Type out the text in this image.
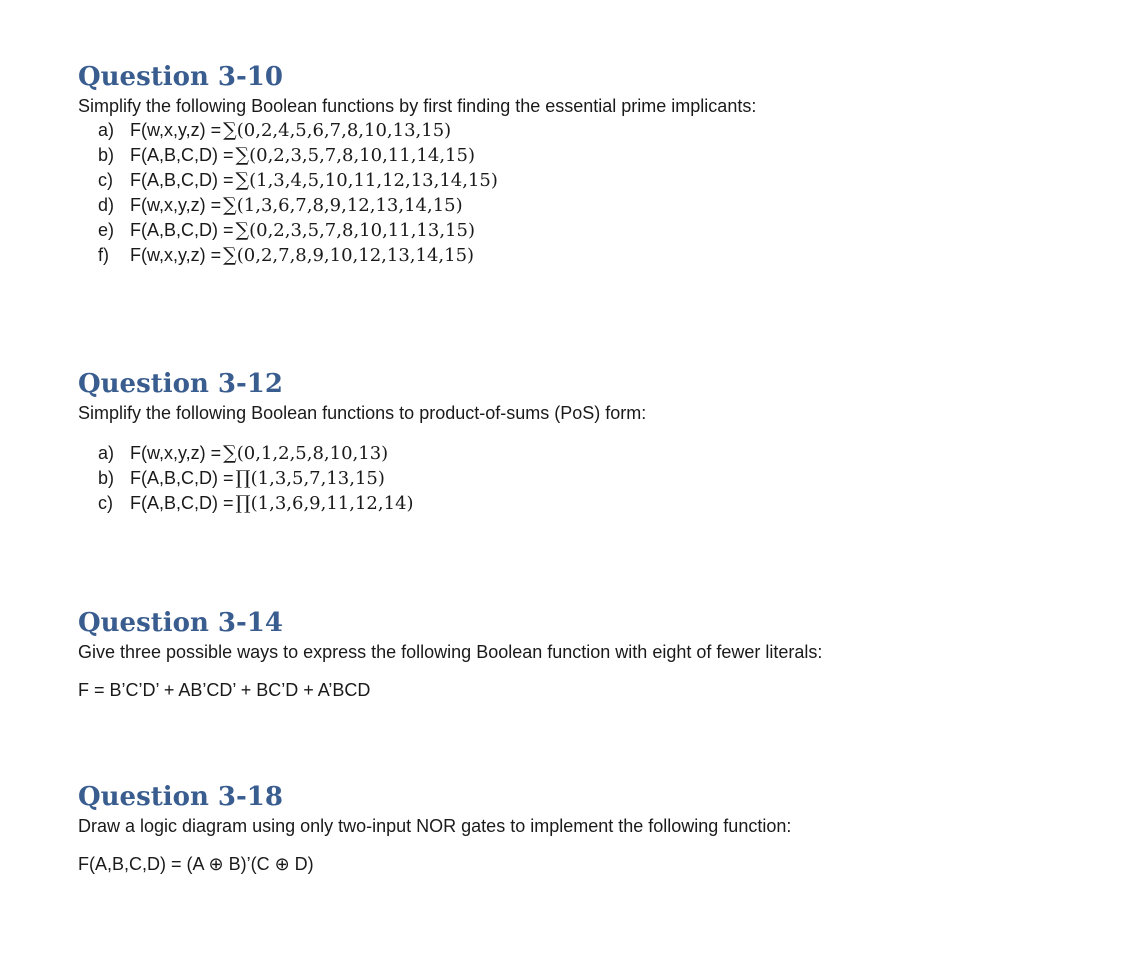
Question 3-10

Simplify the following Boolean functions by first finding the essential prime implicants:

a) F(w,x,y,z) = ∑ (0,2,4,5,6,7,8,10,13,15)
b) F(A,B,C,D) = ∑ (0,2,3,5,7,8,10,11,14,15)
c) F(A,B,C,D) = ∑ (1,3,4,5,10,11,12,13,14,15)
d) F(w,x,y,z) = ∑ (1,3,6,7,8,9,12,13,14,15)
e) F(A,B,C,D) = ∑ (0,2,3,5,7,8,10,11,13,15)
f)	F(w,x,y,z) = ∑ (0,2,7,8,9,10,12,13,14,15)
Question 3-12

Simplify the following Boolean functions to product-of-sums (PoS) form:

a) F(w,x,y,z) = ∑ (0,1,2,5,8,10,13)
b) F(A,B,C,D) = ∏ (1,3,5,7,13,15)
c) F(A,B,C,D) = ∏ (1,3,6,9,11,12,14)
Question 3-14

Give three possible ways to express the following Boolean function with eight of fewer literals:

F = B’C’D’ + AB’CD’ + BC’D + A’BCD

Question 3-18

Draw a logic diagram using only two-input NOR gates to implement the following function:

F(A,B,C,D) = (A ⊕ B)’(C ⊕ D)
